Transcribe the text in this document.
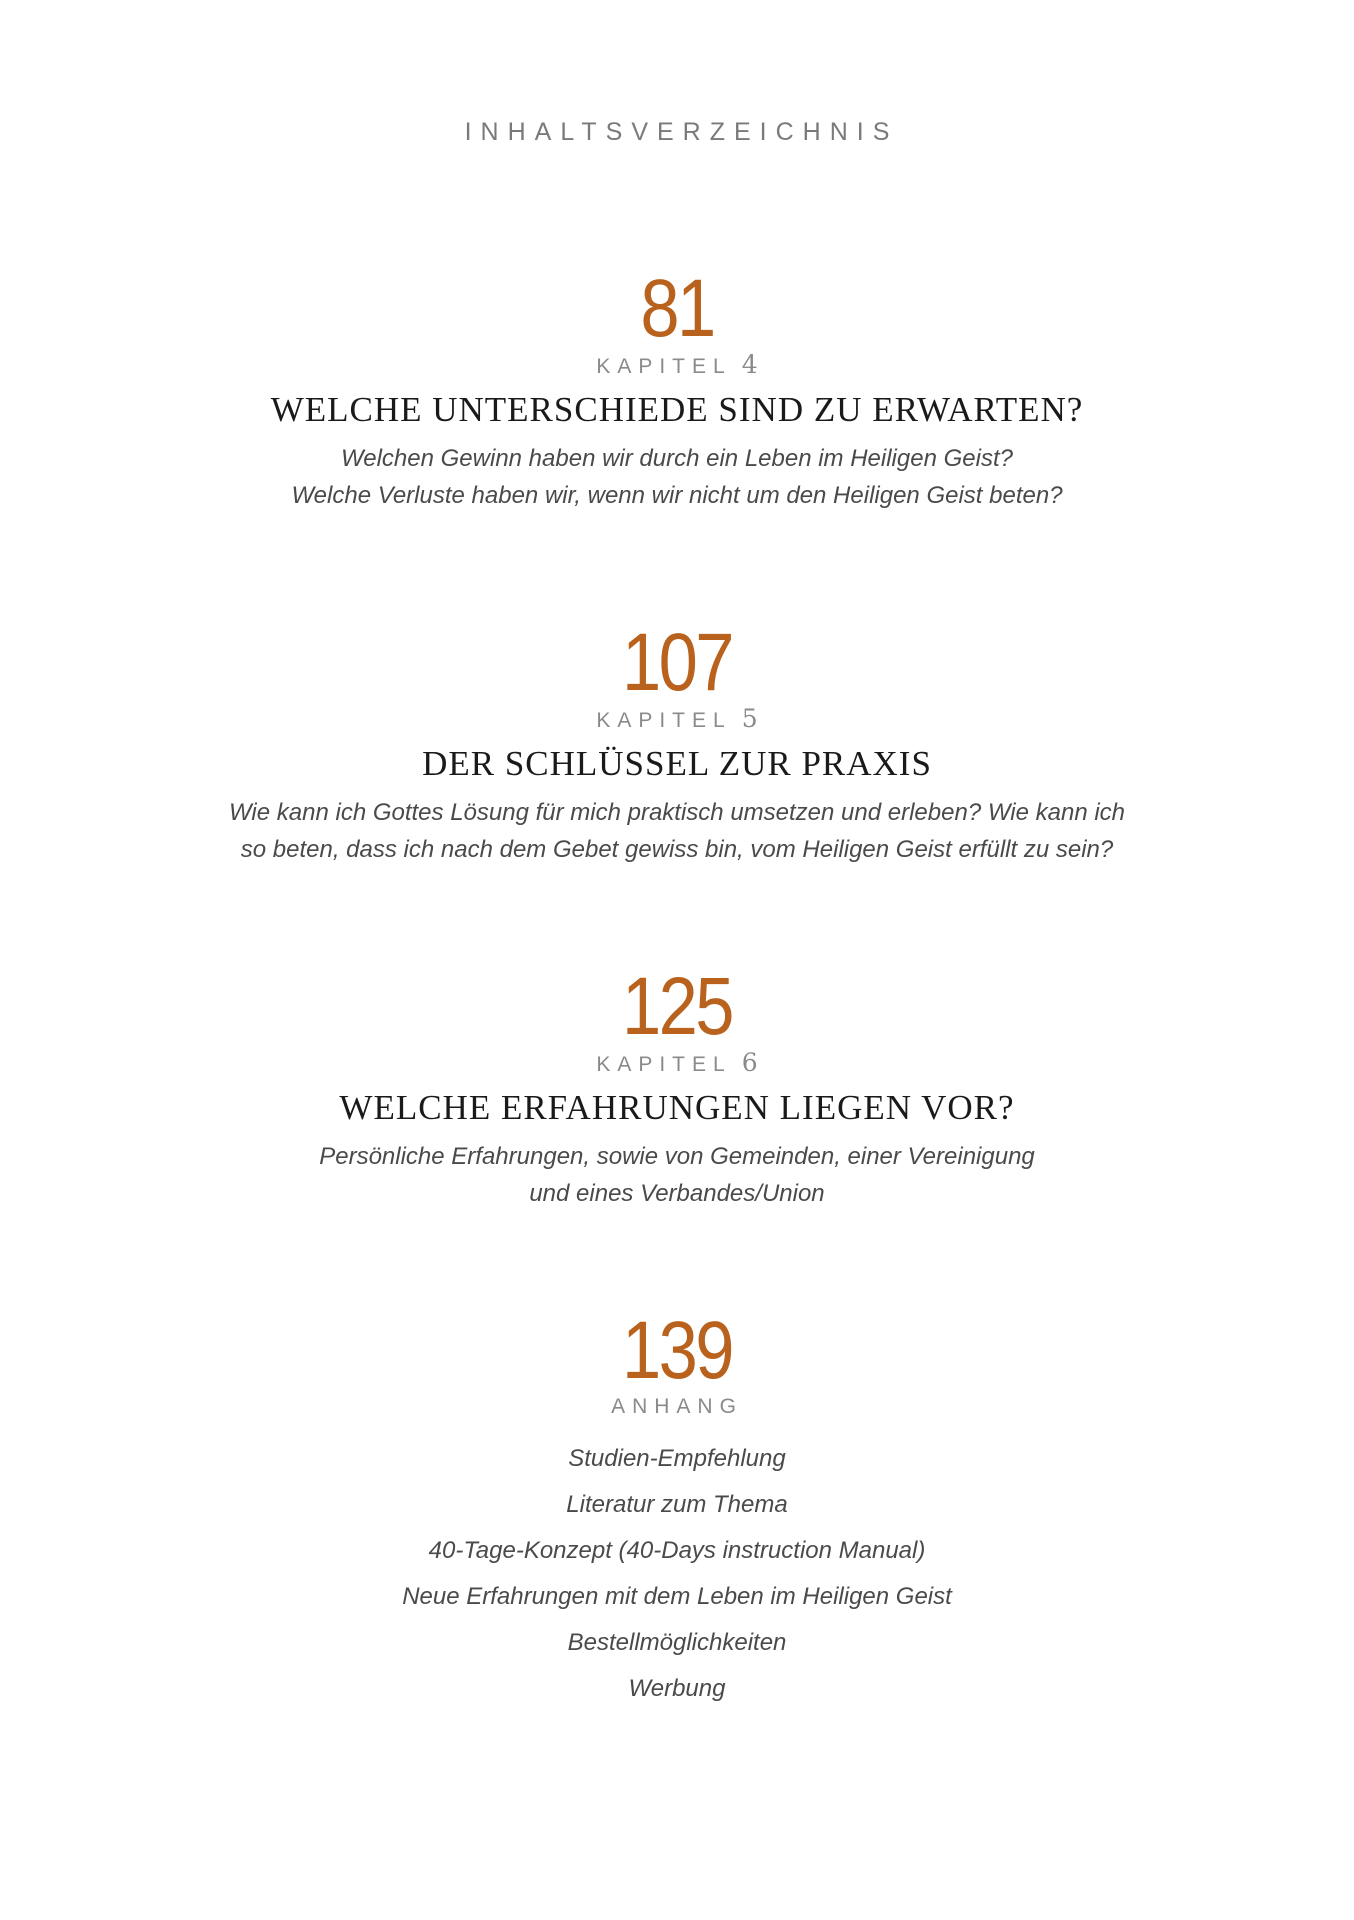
INHALTSVERZEICHNIS
81
KAPITEL 4
WELCHE UNTERSCHIEDE SIND ZU ERWARTEN?
Welchen Gewinn haben wir durch ein Leben im Heiligen Geist?
Welche Verluste haben wir, wenn wir nicht um den Heiligen Geist beten?
107
KAPITEL 5
DER SCHLÜSSEL ZUR PRAXIS
Wie kann ich Gottes Lösung für mich praktisch umsetzen und erleben? Wie kann ich
so beten, dass ich nach dem Gebet gewiss bin, vom Heiligen Geist erfüllt zu sein?
125
KAPITEL 6
WELCHE ERFAHRUNGEN LIEGEN VOR?
Persönliche Erfahrungen, sowie von Gemeinden, einer Vereinigung
und eines Verbandes/Union
139
ANHANG
Studien-Empfehlung
Literatur zum Thema
40-Tage-Konzept (40-Days instruction Manual)
Neue Erfahrungen mit dem Leben im Heiligen Geist
Bestellmöglichkeiten
Werbung
